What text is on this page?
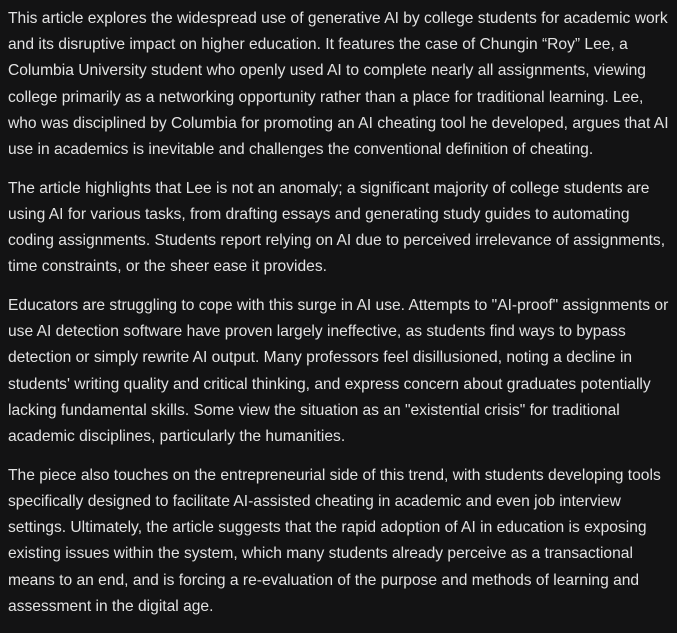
This article explores the widespread use of generative AI by college students for academic work and its disruptive impact on higher education. It features the case of Chungin “Roy” Lee, a Columbia University student who openly used AI to complete nearly all assignments, viewing college primarily as a networking opportunity rather than a place for traditional learning. Lee, who was disciplined by Columbia for promoting an AI cheating tool he developed, argues that AI use in academics is inevitable and challenges the conventional definition of cheating.

The article highlights that Lee is not an anomaly; a significant majority of college students are using AI for various tasks, from drafting essays and generating study guides to automating coding assignments. Students report relying on AI due to perceived irrelevance of assignments, time constraints, or the sheer ease it provides.

Educators are struggling to cope with this surge in AI use. Attempts to "AI-proof" assignments or use AI detection software have proven largely ineffective, as students find ways to bypass detection or simply rewrite AI output. Many professors feel disillusioned, noting a decline in students' writing quality and critical thinking, and express concern about graduates potentially lacking fundamental skills. Some view the situation as an "existential crisis" for traditional academic disciplines, particularly the humanities.

The piece also touches on the entrepreneurial side of this trend, with students developing tools specifically designed to facilitate AI-assisted cheating in academic and even job interview settings. Ultimately, the article suggests that the rapid adoption of AI in education is exposing existing issues within the system, which many students already perceive as a transactional means to an end, and is forcing a re-evaluation of the purpose and methods of learning and assessment in the digital age.
